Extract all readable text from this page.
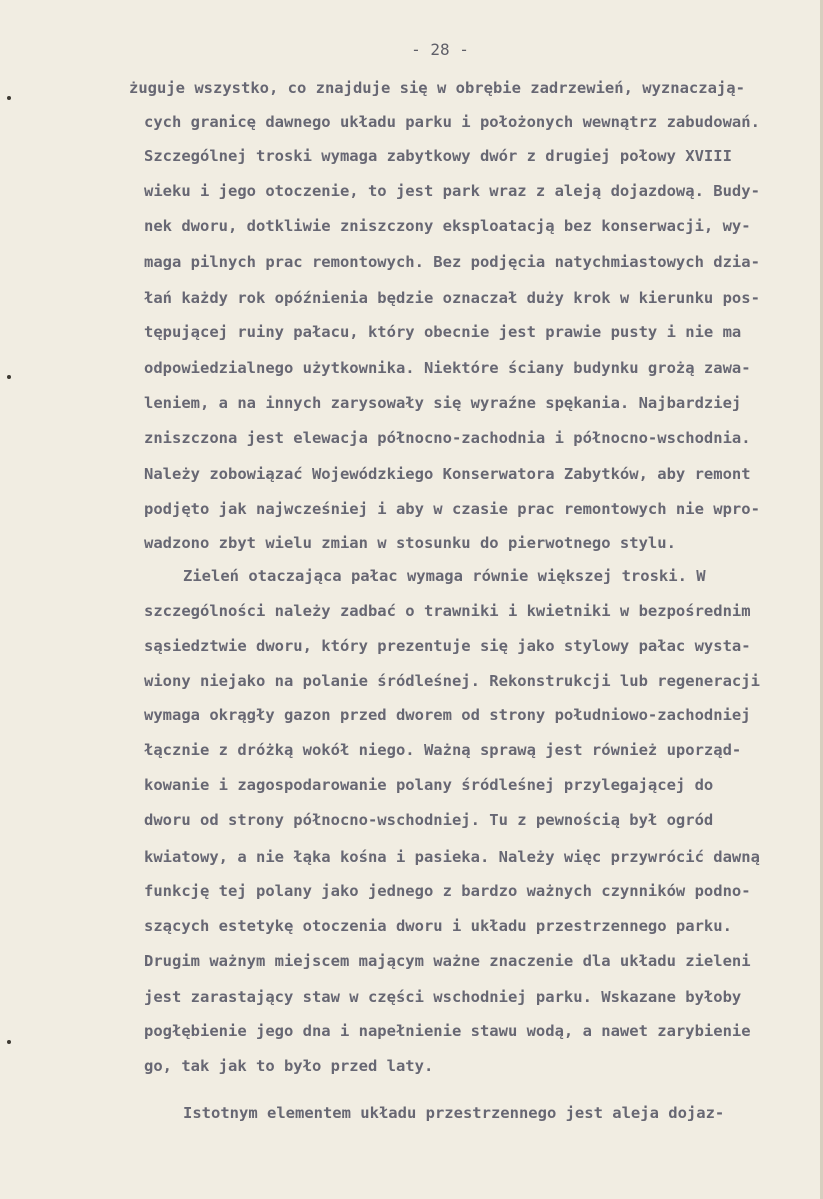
- 28 -
żuguje wszystko, co znajduje się w obrębie zadrzewień, wyznaczają-
cych granicę dawnego układu parku i położonych wewnątrz zabudowań.
Szczególnej troski wymaga zabytkowy dwór z drugiej połowy XVIII
wieku i jego otoczenie, to jest park wraz z aleją dojazdową. Budy-
nek dworu, dotkliwie zniszczony eksploatacją bez konserwacji, wy-
maga pilnych prac remontowych. Bez podjęcia natychmiastowych dzia-
łań każdy rok opóźnienia będzie oznaczał duży krok w kierunku pos-
tępującej ruiny pałacu, który obecnie jest prawie pusty i nie ma
odpowiedzialnego użytkownika. Niektóre ściany budynku grożą zawa-
leniem, a na innych zarysowały się wyraźne spękania. Najbardziej
zniszczona jest elewacja północno-zachodnia i północno-wschodnia.
Należy zobowiązać Wojewódzkiego Konserwatora Zabytków, aby remont
podjęto jak najwcześniej i aby w czasie prac remontowych nie wpro-
wadzono zbyt wielu zmian w stosunku do pierwotnego stylu.
Zieleń otaczająca pałac wymaga równie większej troski. W
szczególności należy zadbać o trawniki i kwietniki w bezpośrednim
sąsiedztwie dworu, który prezentuje się jako stylowy pałac wysta-
wiony niejako na polanie śródleśnej. Rekonstrukcji lub regeneracji
wymaga okrągły gazon przed dworem od strony południowo-zachodniej
łącznie z dróżką wokół niego. Ważną sprawą jest również uporząd-
kowanie i zagospodarowanie polany śródleśnej przylegającej do
dworu od strony północno-wschodniej. Tu z pewnością był ogród
kwiatowy, a nie łąka kośna i pasieka. Należy więc przywrócić dawną
funkcję tej polany jako jednego z bardzo ważnych czynników podno-
szących estetykę otoczenia dworu i układu przestrzennego parku.
Drugim ważnym miejscem mającym ważne znaczenie dla układu zieleni
jest zarastający staw w części wschodniej parku. Wskazane byłoby
pogłębienie jego dna i napełnienie stawu wodą, a nawet zarybienie
go, tak jak to było przed laty.
Istotnym elementem układu przestrzennego jest aleja dojaz-
